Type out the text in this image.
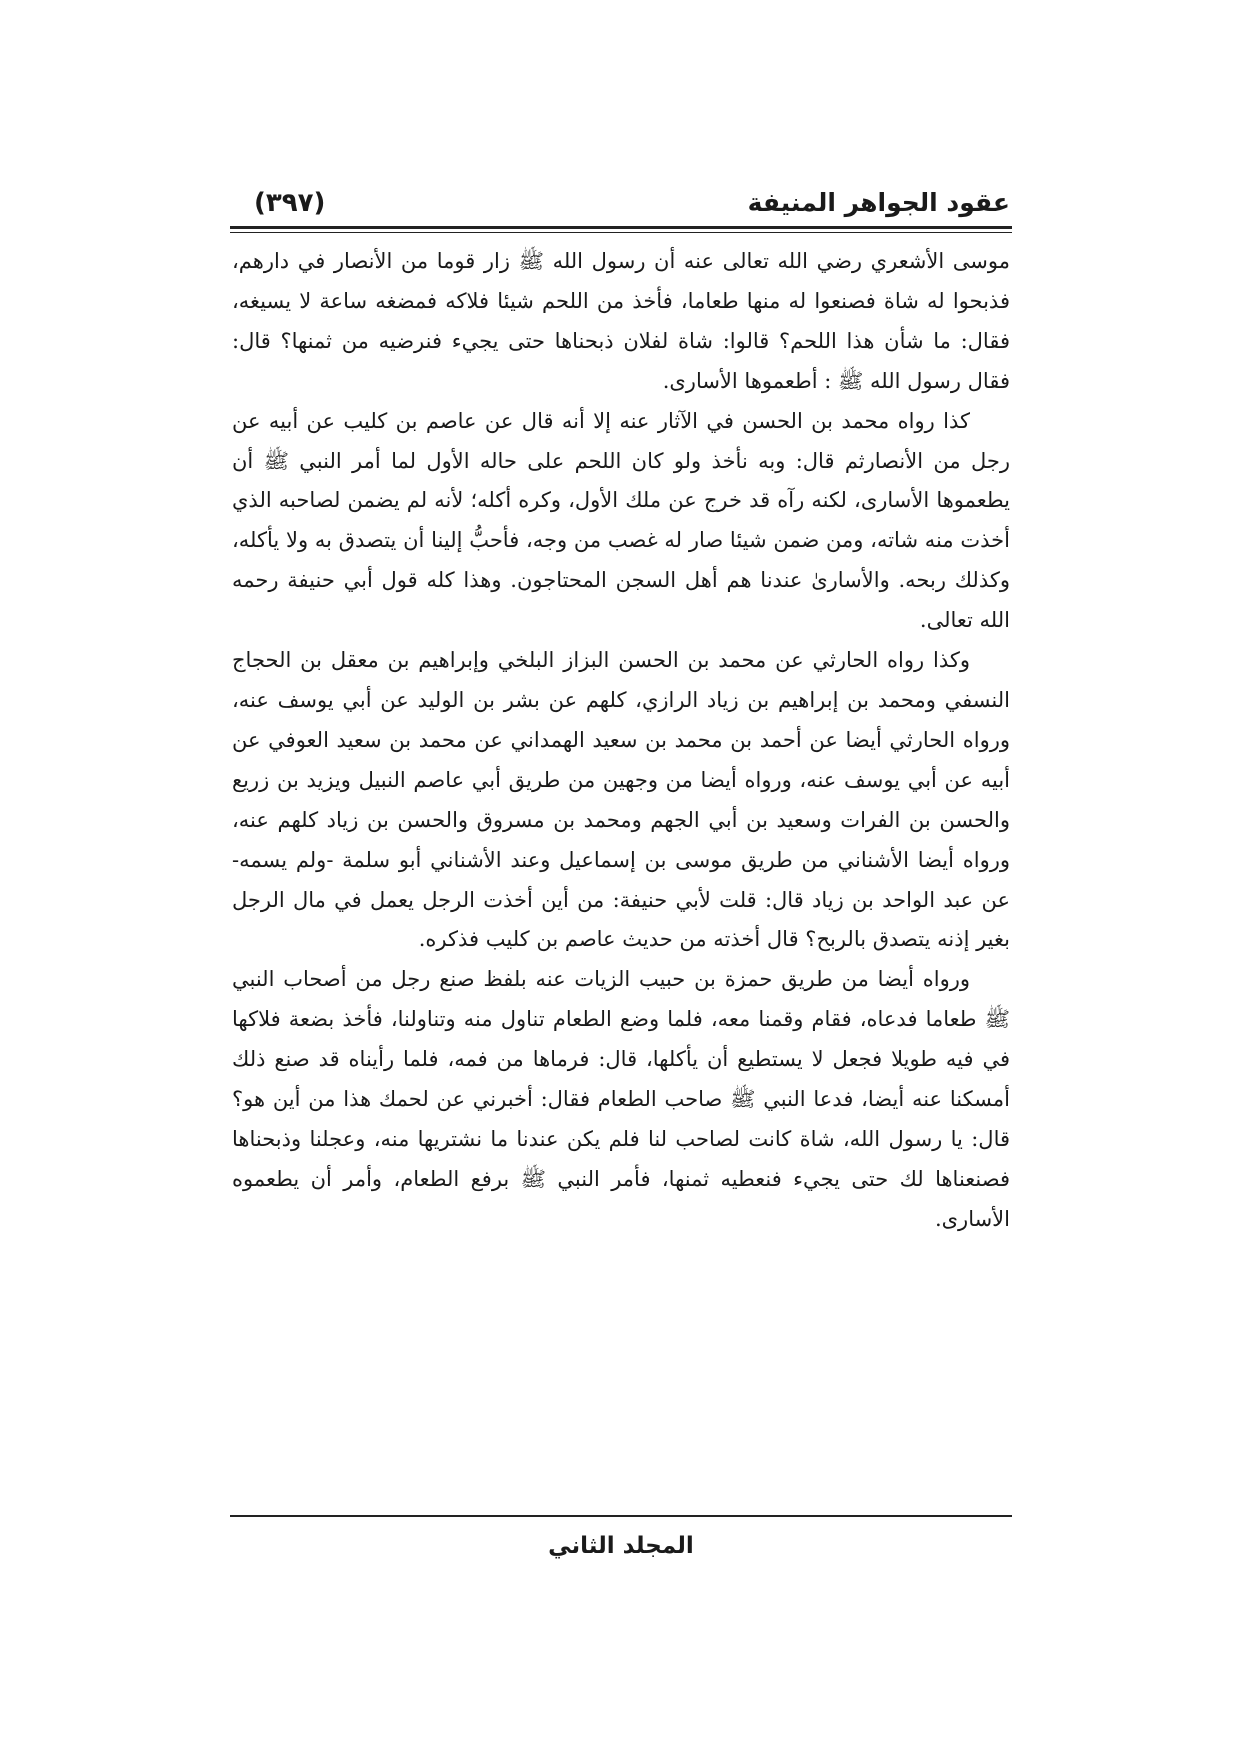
عقود الجواهر المنيفة
(٣٩٧)

موسى الأشعري رضي الله تعالى عنه أن رسول الله ﷺ زار قوما من الأنصار في دارهم، فذبحوا له شاة فصنعوا له منها طعاما، فأخذ من اللحم شيئا فلاكه فمضغه ساعة لا يسيغه، فقال: ما شأن هذا اللحم؟ قالوا: شاة لفلان ذبحناها حتى يجيء فنرضيه من ثمنها؟ قال: فقال رسول الله ﷺ : أطعموها الأسارى.

كذا رواه محمد بن الحسن في الآثار عنه إلا أنه قال عن عاصم بن كليب عن أبيه عن رجل من الأنصارثم قال: وبه نأخذ ولو كان اللحم على حاله الأول لما أمر النبي ﷺ أن يطعموها الأسارى، لكنه رآه قد خرج عن ملك الأول، وكره أكله؛ لأنه لم يضمن لصاحبه الذي أخذت منه شاته، ومن ضمن شيئا صار له غصب من وجه، فأحبُّ إلينا أن يتصدق به ولا يأكله، وكذلك ربحه. والأسارىٰ عندنا هم أهل السجن المحتاجون. وهذا كله قول أبي حنيفة رحمه الله تعالى.

وكذا رواه الحارثي عن محمد بن الحسن البزاز البلخي وإبراهيم بن معقل بن الحجاج النسفي ومحمد بن إبراهيم بن زياد الرازي، كلهم عن بشر بن الوليد عن أبي يوسف عنه، ورواه الحارثي أيضا عن أحمد بن محمد بن سعيد الهمداني عن محمد بن سعيد العوفي عن أبيه عن أبي يوسف عنه، ورواه أيضا من وجهين من طريق أبي عاصم النبيل ويزيد بن زريع والحسن بن الفرات وسعيد بن أبي الجهم ومحمد بن مسروق والحسن بن زياد كلهم عنه، ورواه أيضا الأشناني من طريق موسى بن إسماعيل وعند الأشناني أبو سلمة -ولم يسمه- عن عبد الواحد بن زياد قال: قلت لأبي حنيفة: من أين أخذت الرجل يعمل في مال الرجل بغير إذنه يتصدق بالربح؟ قال أخذته من حديث عاصم بن كليب فذكره.

ورواه أيضا من طريق حمزة بن حبيب الزيات عنه بلفظ صنع رجل من أصحاب النبي ﷺ طعاما فدعاه، فقام وقمنا معه، فلما وضع الطعام تناول منه وتناولنا، فأخذ بضعة فلاكها في فيه طويلا فجعل لا يستطيع أن يأكلها، قال: فرماها من فمه، فلما رأيناه قد صنع ذلك أمسكنا عنه أيضا، فدعا النبي ﷺ صاحب الطعام فقال: أخبرني عن لحمك هذا من أين هو؟ قال: يا رسول الله، شاة كانت لصاحب لنا فلم يكن عندنا ما نشتريها منه، وعجلنا وذبحناها فصنعناها لك حتى يجيء فنعطيه ثمنها، فأمر النبي ﷺ برفع الطعام، وأمر أن يطعموه الأسارى.

المجلد الثاني
